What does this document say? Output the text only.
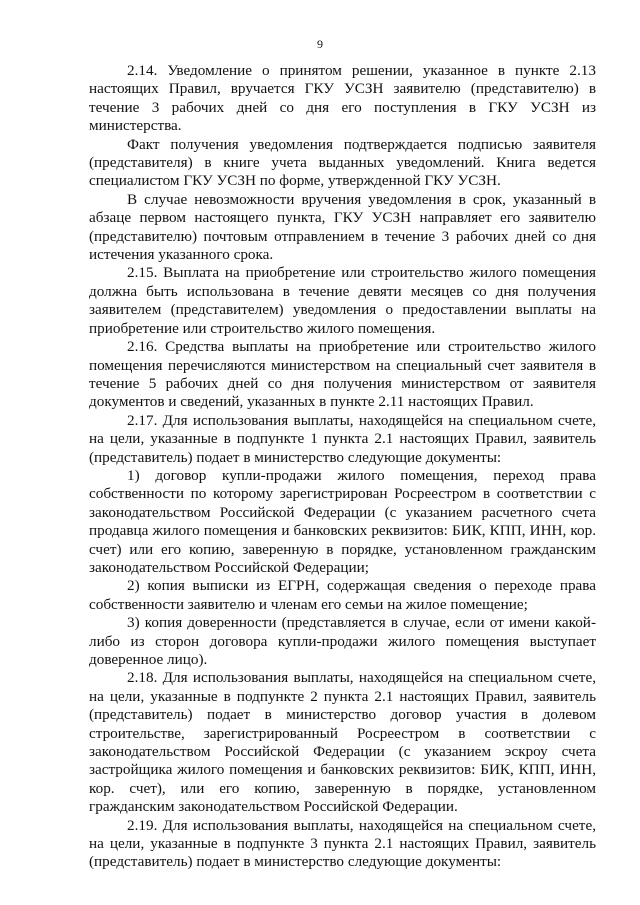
9

2.14. Уведомление о принятом решении, указанное в пункте 2.13 настоящих Правил, вручается ГКУ УСЗН заявителю (представителю) в течение 3 рабочих дней со дня его поступления в ГКУ УСЗН из министерства.

Факт получения уведомления подтверждается подписью заявителя (представителя) в книге учета выданных уведомлений. Книга ведется специалистом ГКУ УСЗН по форме, утвержденной ГКУ УСЗН.

В случае невозможности вручения уведомления в срок, указанный в абзаце первом настоящего пункта, ГКУ УСЗН направляет его заявителю (представителю) почтовым отправлением в течение 3 рабочих дней со дня истечения указанного срока.

2.15. Выплата на приобретение или строительство жилого помещения должна быть использована в течение девяти месяцев со дня получения заявителем (представителем) уведомления о предоставлении выплаты на приобретение или строительство жилого помещения.

2.16. Средства выплаты на приобретение или строительство жилого помещения перечисляются министерством на специальный счет заявителя в течение 5 рабочих дней со дня получения министерством от заявителя документов и сведений, указанных в пункте 2.11 настоящих Правил.

2.17. Для использования выплаты, находящейся на специальном счете, на цели, указанные в подпункте 1 пункта 2.1 настоящих Правил, заявитель (представитель) подает в министерство следующие документы:

1) договор купли-продажи жилого помещения, переход права собственности по которому зарегистрирован Росреестром в соответствии с законодательством Российской Федерации (с указанием расчетного счета продавца жилого помещения и банковских реквизитов: БИК, КПП, ИНН, кор. счет) или его копию, заверенную в порядке, установленном гражданским законодательством Российской Федерации;

2) копия выписки из ЕГРН, содержащая сведения о переходе права собственности заявителю и членам его семьи на жилое помещение;

3) копия доверенности (представляется в случае, если от имени какой-либо из сторон договора купли-продажи жилого помещения выступает доверенное лицо).

2.18. Для использования выплаты, находящейся на специальном счете, на цели, указанные в подпункте 2 пункта 2.1 настоящих Правил, заявитель (представитель) подает в министерство договор участия в долевом строительстве, зарегистрированный Росреестром в соответствии с законодательством Российской Федерации (с указанием эскроу счета застройщика жилого помещения и банковских реквизитов: БИК, КПП, ИНН, кор. счет), или его копию, заверенную в порядке, установленном гражданским законодательством Российской Федерации.

2.19. Для использования выплаты, находящейся на специальном счете, на цели, указанные в подпункте 3 пункта 2.1 настоящих Правил, заявитель (представитель) подает в министерство следующие документы:
